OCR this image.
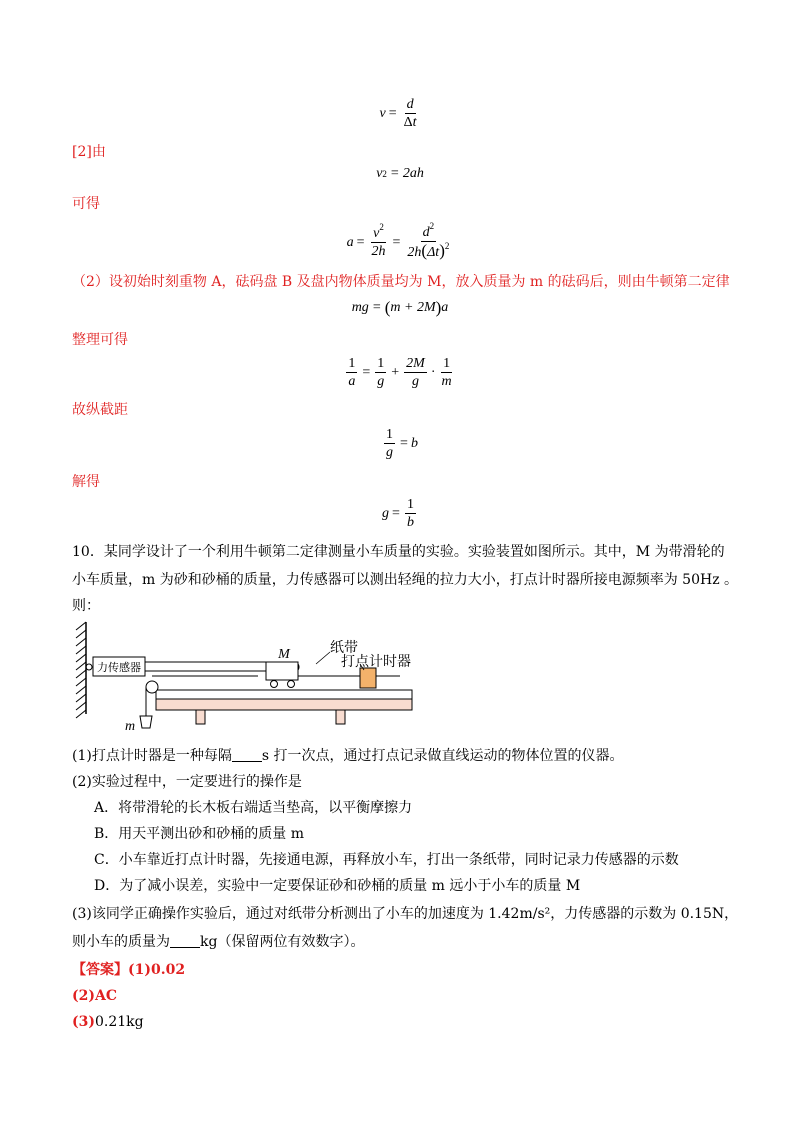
$v = \frac{d}{\Delta t}$
[2]由
v 2 = 2ah
可得
$a = \frac{v^2}{2h} = \frac{d^2}{2h(\Delta t)^2}$
（2）设初始时刻重物 A，砝码盘 B 及盘内物体质量均为 M，放入质量为 m 的砝码后，则由牛顿第二定律
mg = ( m + 2M ) a
整理可得
$\frac{1}{a} = \frac{1}{g} + \frac{2M}{g} \cdot \frac{1}{m}$
故纵截距
$\frac{1}{g} = b$
解得
$g = \frac{1}{b}$
10．某同学设计了一个利用牛顿第二定律测量小车质量的实验。实验装置如图所示。其中，M 为带滑轮的
小车质量，m 为砂和砂桶的质量，力传感器可以测出轻绳的拉力大小，打点计时器所接电源频率为 50Hz 。
则：
力传感器
M	纸带
打点计时器
m
(1)打点计时器是一种每隔 s 打一次点，通过打点记录做直线运动的物体位置的仪器。
(2)实验过程中，一定要进行的操作是
A．将带滑轮的长木板右端适当垫高，以平衡摩擦力
B．用天平测出砂和砂桶的质量 m
C．小车靠近打点计时器，先接通电源，再释放小车，打出一条纸带，同时记录力传感器的示数
D．为了减小误差，实验中一定要保证砂和砂桶的质量 m 远小于小车的质量 M
(3)该同学正确操作实验后，通过对纸带分析测出了小车的加速度为 1.42m/s²，力传感器的示数为 0.15N，
则小车的质量为 kg（保留两位有效数字）。
【答案】(1)0.02
(2)AC
(3)0.21kg
